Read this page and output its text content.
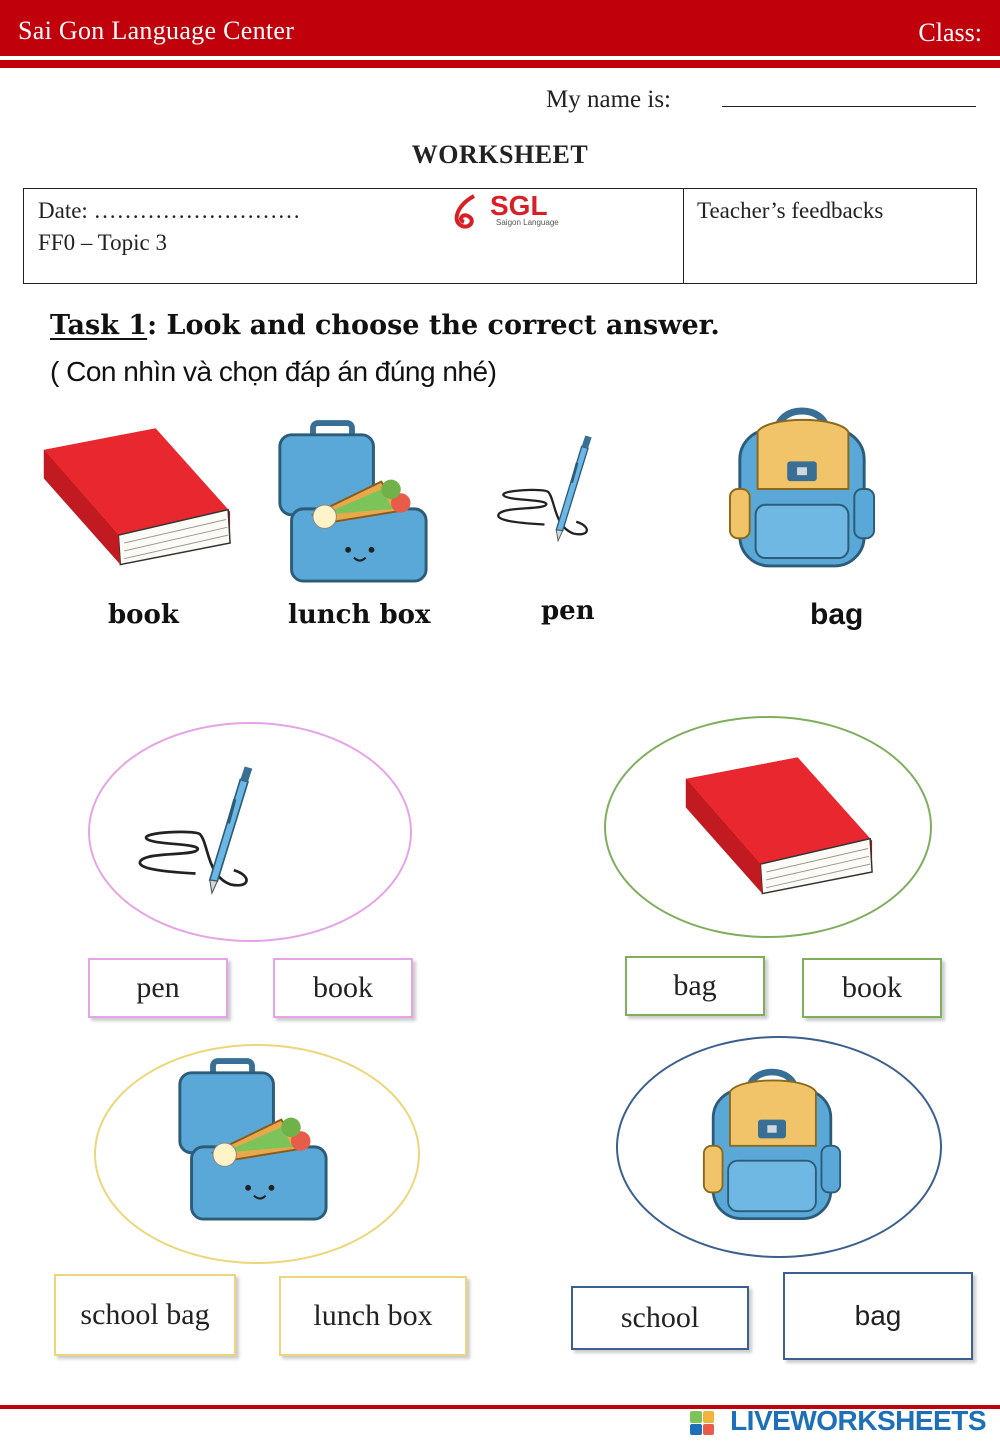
Sai Gon Language Center	Class:
My name is:
WORKSHEET
Date: ………………………
FF0 – Topic 3
Teacher’s feedbacks
SGL
Saigon Language
Task 1: Look and choose the correct answer.
( Con nhìn và chọn đáp án đúng nhé)
book	lunch box	pen	bag
pen	book	bag	book
school bag	lunch box	school	bag
LIVEWORKSHEETS
